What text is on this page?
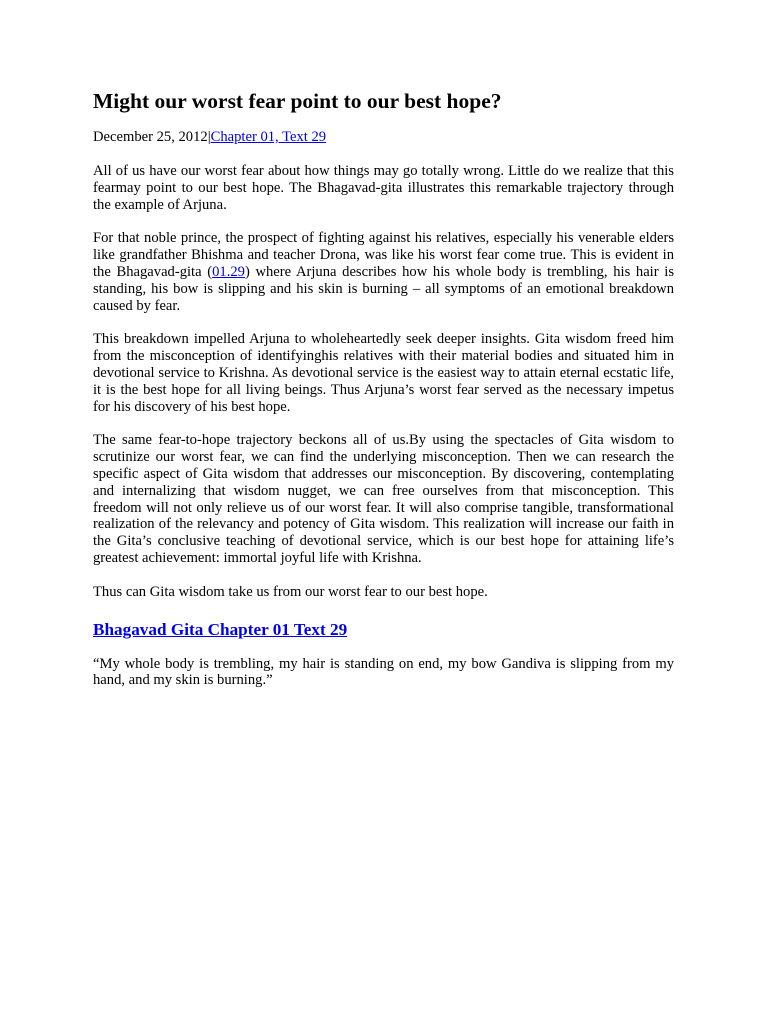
Might our worst fear point to our best hope?
December 25, 2012|Chapter 01, Text 29

All of us have our worst fear about how things may go totally wrong. Little do we realize that this fearmay point to our best hope. The Bhagavad-gita illustrates this remarkable trajectory through the example of Arjuna.

For that noble prince, the prospect of fighting against his relatives, especially his venerable elders like grandfather Bhishma and teacher Drona, was like his worst fear come true. This is evident in the Bhagavad-gita (01.29) where Arjuna describes how his whole body is trembling, his hair is standing, his bow is slipping and his skin is burning – all symptoms of an emotional breakdown caused by fear.

This breakdown impelled Arjuna to wholeheartedly seek deeper insights. Gita wisdom freed him from the misconception of identifyinghis relatives with their material bodies and situated him in devotional service to Krishna. As devotional service is the easiest way to attain eternal ecstatic life, it is the best hope for all living beings. Thus Arjuna’s worst fear served as the necessary impetus for his discovery of his best hope.

The same fear-to-hope trajectory beckons all of us.By using the spectacles of Gita wisdom to scrutinize our worst fear, we can find the underlying misconception. Then we can research the specific aspect of Gita wisdom that addresses our misconception. By discovering, contemplating and internalizing that wisdom nugget, we can free ourselves from that misconception. This freedom will not only relieve us of our worst fear. It will also comprise tangible, transformational realization of the relevancy and potency of Gita wisdom. This realization will increase our faith in the Gita’s conclusive teaching of devotional service, which is our best hope for attaining life’s greatest achievement: immortal joyful life with Krishna.

Thus can Gita wisdom take us from our worst fear to our best hope.

Bhagavad Gita Chapter 01 Text 29

“My whole body is trembling, my hair is standing on end, my bow Gandiva is slipping from my hand, and my skin is burning.”
